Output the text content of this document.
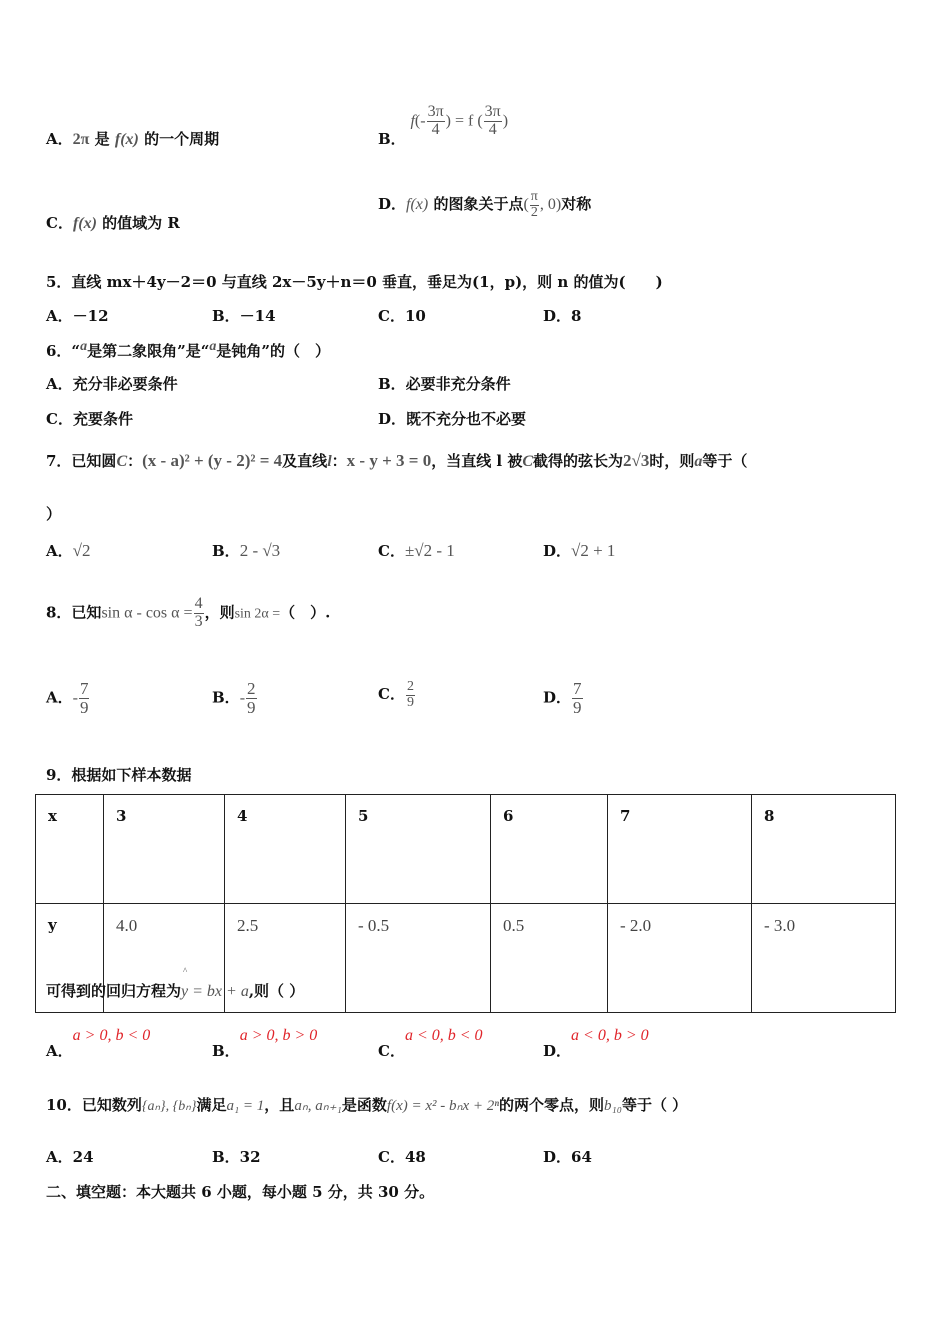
A．2π 是 f(x) 的一个周期	B． $f(- \frac{3\pi}{4}$ ) = f ( $\frac{3\pi}{4}$ )
C．f(x) 的值域为 R
D．f(x) 的图象关于点( $\frac{\pi}{2}$ , 0)对称
5．直线 mx＋4y－2＝0 与直线 2x－5y＋n＝0 垂直，垂足为(1，p)，则 n 的值为(　　)
A．－12	B．－14	C．10	D．8
6．“a是第二象限角”是“a是钝角”的（　）
A．充分非必要条件	B．必要非充分条件
C．充要条件	D．既不充分也不必要
7．已知圆C：(x - a)² + (y - 2)² = 4及直线l：x - y + 3 = 0，当直线 l 被C截得的弦长为2√3时，则a等于（
）
A．√2	B．2 - √3	C．±√2 - 1	D．√2 + 1
8．已知$\sin \alpha - \cos \alpha = \frac{4}{3}$ ，则sin 2α =（　）.
A．- $\frac{7}{9}$	B．- $\frac{2}{9}$	C． $\frac{2}{9}$	D． $\frac{7}{9}$
9．根据如下样本数据
x	3	4	5	6	7	8
y	4.0	2.5	- 0.5	0.5	- 2.0	- 3.0
可得到的回归方程为
^
y = bx + a,则（ ）
A．a > 0, b < 0
B．a > 0, b > 0
C．a < 0, b < 0
D．a < 0, b > 0
10．已知数列{aₙ}, {bₙ}满足a₁ = 1，且aₙ, aₙ₊₁是函数f(x) = x² - bₙx + 2ⁿ的两个零点，则b₁₀等于（ ）
A．24	B．32	C．48	D．64
二、填空题：本大题共 6 小题，每小题 5 分，共 30 分。
